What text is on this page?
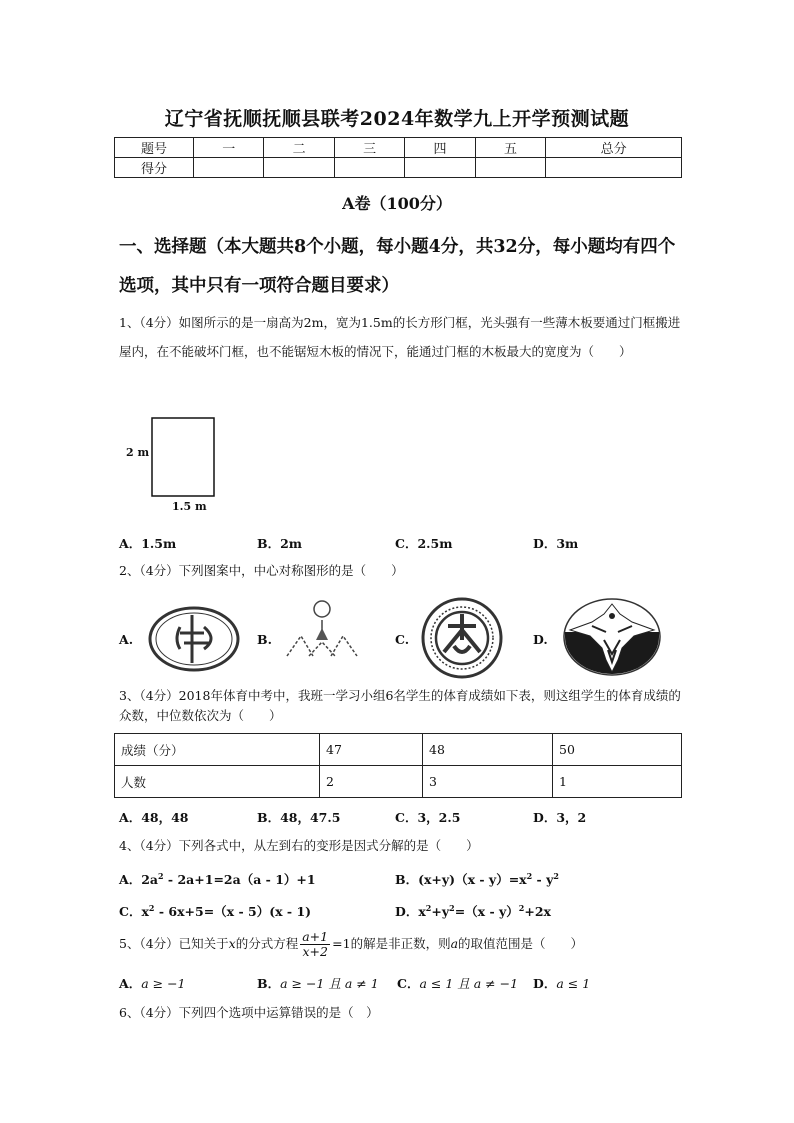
辽宁省抚顺抚顺县联考2024年数学九上开学预测试题
题号	一	二	三	四	五	总分
得分						
A卷（100分）
一、选择题（本大题共8个小题，每小题4分，共32分，每小题均有四个选项，其中只有一项符合题目要求）
1、（4分）如图所示的是一扇高为2m，宽为1.5m的长方形门框，光头强有一些薄木板要通过门框搬进屋内，在不能破坏门框，也不能锯短木板的情况下，能通过门框的木板最大的宽度为（　　）
2 m
1.5 m
A．1.5m	B．2m	C．2.5m	D．3m
2、（4分）下列图案中，中心对称图形的是（　　）
A.	B.	C.	D.
3、（4分）2018年体育中考中，我班一学习小组6名学生的体育成绩如下表，则这组学生的体育成绩的众数，中位数依次为（　　）
成绩（分）	47	48	50
人数	2	3	1
A．48，48	B．48，47.5	C．3，2.5	D．3，2
4、（4分）下列各式中，从左到右的变形是因式分解的是（　　）
A．$2a^2 - 2a+1=2a(a - 1)+1$	B．$(x+y)(x - y)=x^2 - y^2$
C．$x^2 - 6x+5=(x - 5)(x - 1)$	D．$x^2+y^2=(x - y)^2+2x$
5、（4分）已知关于x的分式方程 $\frac{a+1}{x+2} =1$的解是非正数，则a的取值范围是（　　）
A．a ≥ −1	B．a ≥ −1 且 a ≠ 1 C．a ≤ 1 且 a ≠ −1 D．a ≤ 1
6、（4分）下列四个选项中运算错误的是（　）
